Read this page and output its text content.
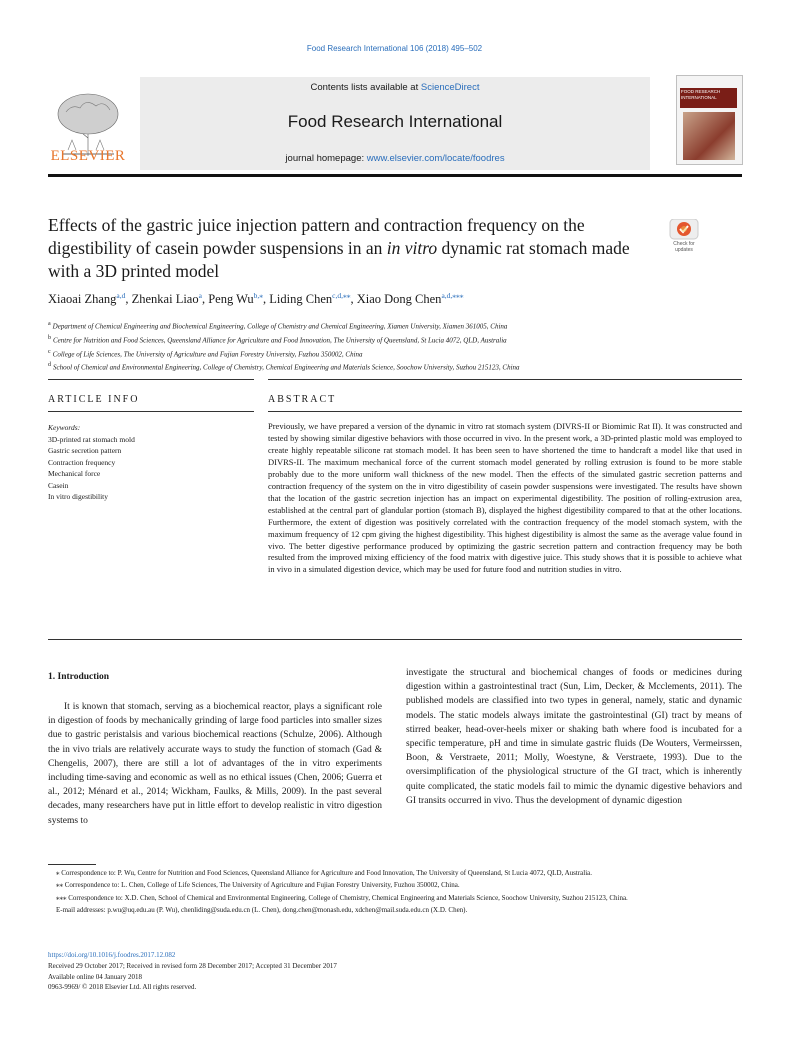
Food Research International 106 (2018) 495–502
ELSEVIER
Contents lists available at ScienceDirect
Food Research International
journal homepage: www.elsevier.com/locate/foodres
FOOD RESEARCH INTERNATIONAL
Effects of the gastric juice injection pattern and contraction frequency on the digestibility of casein powder suspensions in an in vitro dynamic rat stomach made with a 3D printed model
Check for updates
Xiaoai Zhang$^{a,d}$, Zhenkai Liao$^a$, Peng $Wu^{b,⁎}$, Liding Chen$^{c,d,⁎⁎}$, Xiao Dong Chen$^{a,d,⁎⁎⁎}$
a Department of Chemical Engineering and Biochemical Engineering, College of Chemistry and Chemical Engineering, Xiamen University, Xiamen 361005, China
b Centre for Nutrition and Food Sciences, Queensland Alliance for Agriculture and Food Innovation, The University of Queensland, St Lucia 4072, QLD, Australia
c College of Life Sciences, The University of Agriculture and Fujian Forestry University, Fuzhou 350002, China
d School of Chemical and Environmental Engineering, College of Chemistry, Chemical Engineering and Materials Science, Soochow University, Suzhou 215123, China
ARTICLE INFO	ABSTRACT
Keywords:
3D-printed rat stomach mold
Gastric secretion pattern
Contraction frequency
Mechanical force
Casein
In vitro digestibility
Previously, we have prepared a version of the dynamic in vitro rat stomach system (DIVRS-II or Biomimic Rat II). It was constructed and tested by showing similar digestive behaviors with those occurred in vivo. In the present work, a 3D-printed plastic mold was employed to create highly repeatable silicone rat stomach model. It has been seen to have shortened the time to handcraft a model like that used in DIVRS-II. The maximum mechanical force of the current stomach model generated by rolling extrusion is found to be more stable probably due to the more uniform wall thickness of the new model. Then the effects of the simulated gastric secretion patterns and contraction frequency of the system on the in vitro digestibility of casein powder suspensions were investigated. The results have shown that the location of the gastric secretion injection has an impact on experimental digestibility. The position of rolling-extrusion area, established at the central part of glandular portion (stomach B), displayed the highest digestibility compared to that at the other locations. Furthermore, the extent of digestion was positively correlated with the contraction frequency of the model stomach system, with the maximum frequency of 12 cpm giving the highest digestibility. This highest digestibility is almost the same as the average value found in vivo. The better digestive performance produced by optimizing the gastric secretion pattern and contraction frequency may be both resulted from the improved mixing efficiency of the food matrix with digestive juice. This study shows that it is possible to achieve what in vivo in a simulated digestion device, which may be used for future food and nutrition studies in vitro.
1. Introduction
It is known that stomach, serving as a biochemical reactor, plays a significant role in digestion of foods by mechanically grinding of large food particles into smaller sizes due to gastric peristalsis and various biochemical reactions (Schulze, 2006). Although the in vivo trials are relatively accurate ways to study the function of stomach (Gad & Chengelis, 2007), there are still a lot of advantages of the in vitro experiments including time-saving and economic as well as no ethical issues (Chen, 2006; Guerra et al., 2012; Ménard et al., 2014; Wickham, Faulks, & Mills, 2009). In the past several decades, many researchers have put in little effort to develop realistic in vitro digestion systems to
investigate the structural and biochemical changes of foods or medicines during digestion within a gastrointestinal tract (Sun, Lim, Decker, & Mcclements, 2011). The published models are classified into two types in general, namely, static and dynamic models. The static models always imitate the gastrointestinal (GI) tract by means of stirred beaker, head-over-heels mixer or shaking bath where food is incubated for a specific temperature, pH and time in simulate gastric fluids (De Wouters, Vermeirssen, Boon, & Verstraete, 2011; Molly, Woestyne, & Verstraete, 1993). Due to the oversimplification of the physiological structure of the GI tract, which is inherently quite complicated, the static models fail to mimic the dynamic digestive behaviors and GI transits occurred in vivo. Thus the development of dynamic digestion

⁎ Correspondence to: P. Wu, Centre for Nutrition and Food Sciences, Queensland Alliance for Agriculture and Food Innovation, The University of Queensland, St Lucia 4072, QLD, Australia.

⁎⁎ Correspondence to: L. Chen, College of Life Sciences, The University of Agriculture and Fujian Forestry University, Fuzhou 350002, China.

⁎⁎⁎ Correspondence to: X.D. Chen, School of Chemical and Environmental Engineering, College of Chemistry, Chemical Engineering and Materials Science, Soochow University, Suzhou 215123, China.

E-mail addresses: p.wu@uq.edu.au (P. Wu), chenliding@suda.edu.cn (L. Chen), dong.chen@monash.edu, xdchen@mail.suda.edu.cn (X.D. Chen).

https://doi.org/10.1016/j.foodres.2017.12.082
Received 29 October 2017; Received in revised form 28 December 2017; Accepted 31 December 2017
Available online 04 January 2018
0963-9969/ © 2018 Elsevier Ltd. All rights reserved.
